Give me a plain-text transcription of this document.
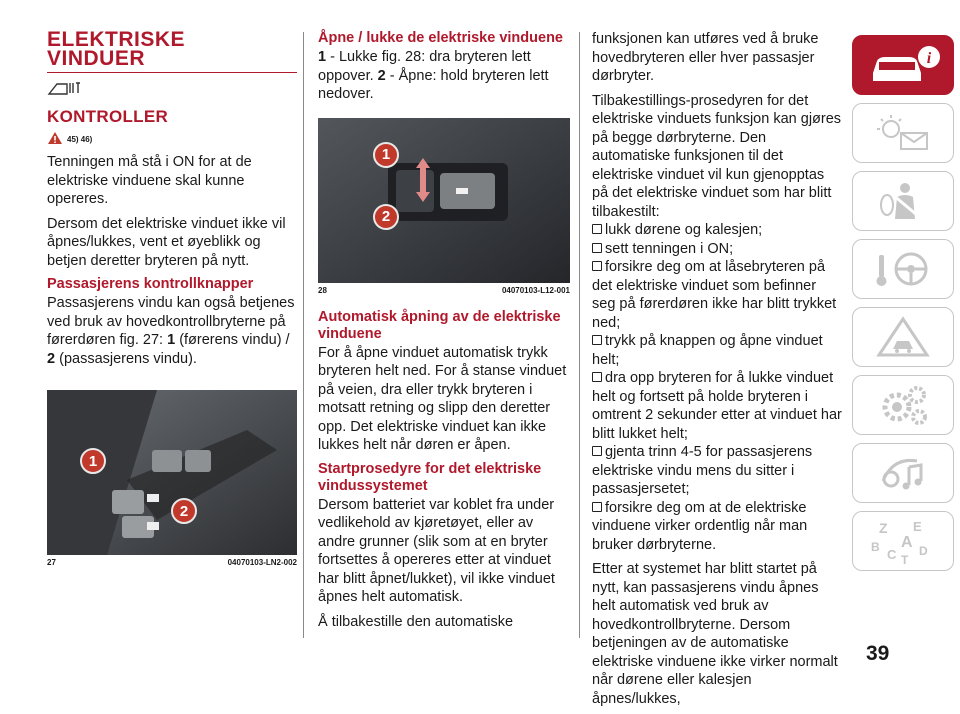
ELEKTRISKE
VINDUER
KONTROLLER
45) 46)

Tenningen må stå i ON for at de elektriske vinduene skal kunne opereres.

Dersom det elektriske vinduet ikke vil åpnes/lukkes, vent et øyeblikk og betjen deretter bryteren på nytt.

Passasjerens kontrollknapper

Passasjerens vindu kan også betjenes ved bruk av hovedkontrollbryterne på førerdøren fig. 27: 1 (førerens vindu) / 2 (passasjerens vindu).

1
2
27	04070103-LN2-002
Åpne / lukke de elektriske vinduene

1 - Lukke fig. 28: dra bryteren lett oppover. 2 - Åpne: hold bryteren lett nedover.

1
2
28	04070103-L12-001
Automatisk åpning av de elektriske vinduene

For å åpne vinduet automatisk trykk bryteren helt ned. For å stanse vinduet på veien, dra eller trykk bryteren i motsatt retning og slipp den deretter opp. Det elektriske vinduet kan ikke lukkes helt når døren er åpen.

Startprosedyre for det elektriske vindussystemet

Dersom batteriet var koblet fra under vedlikehold av kjøretøyet, eller av andre grunner (slik som at en bryter fortsettes å opereres etter at vinduet har blitt åpnet/lukket), vil ikke vinduet åpnes helt automatisk.

Å tilbakestille den automatiske

funksjonen kan utføres ved å bruke hovedbryteren eller hver passasjer dørbryter.

Tilbakestillings-prosedyren for det elektriske vinduets funksjon kan gjøres på begge dørbryterne. Den automatiske funksjonen til det elektriske vinduet vil kun gjenopptas på det elektriske vinduet som har blitt tilbakestilt:

lukk dørene og kalesjen;

sett tenningen i ON;

forsikre deg om at låsebryteren på det elektriske vinduet som befinner seg på førerdøren ikke har blitt trykket ned;

trykk på knappen og åpne vinduet helt;

dra opp bryteren for å lukke vinduet helt og fortsett på holde bryteren i omtrent 2 sekunder etter at vinduet har blitt lukket helt;

gjenta trinn 4-5 for passasjerens elektriske vindu mens du sitter i passasjersetet;

forsikre deg om at de elektriske vinduene virker ordentlig når man bruker dørbryterne.

Etter at systemet har blitt startet på nytt, kan passasjerens vindu åpnes helt automatisk ved bruk av hovedkontrollbryterne. Dersom betjeningen av de automatiske elektriske vinduene ikke virker normalt når dørene eller kalesjen åpnes/lukkes,

i
Z E
A
B C D
T
39
